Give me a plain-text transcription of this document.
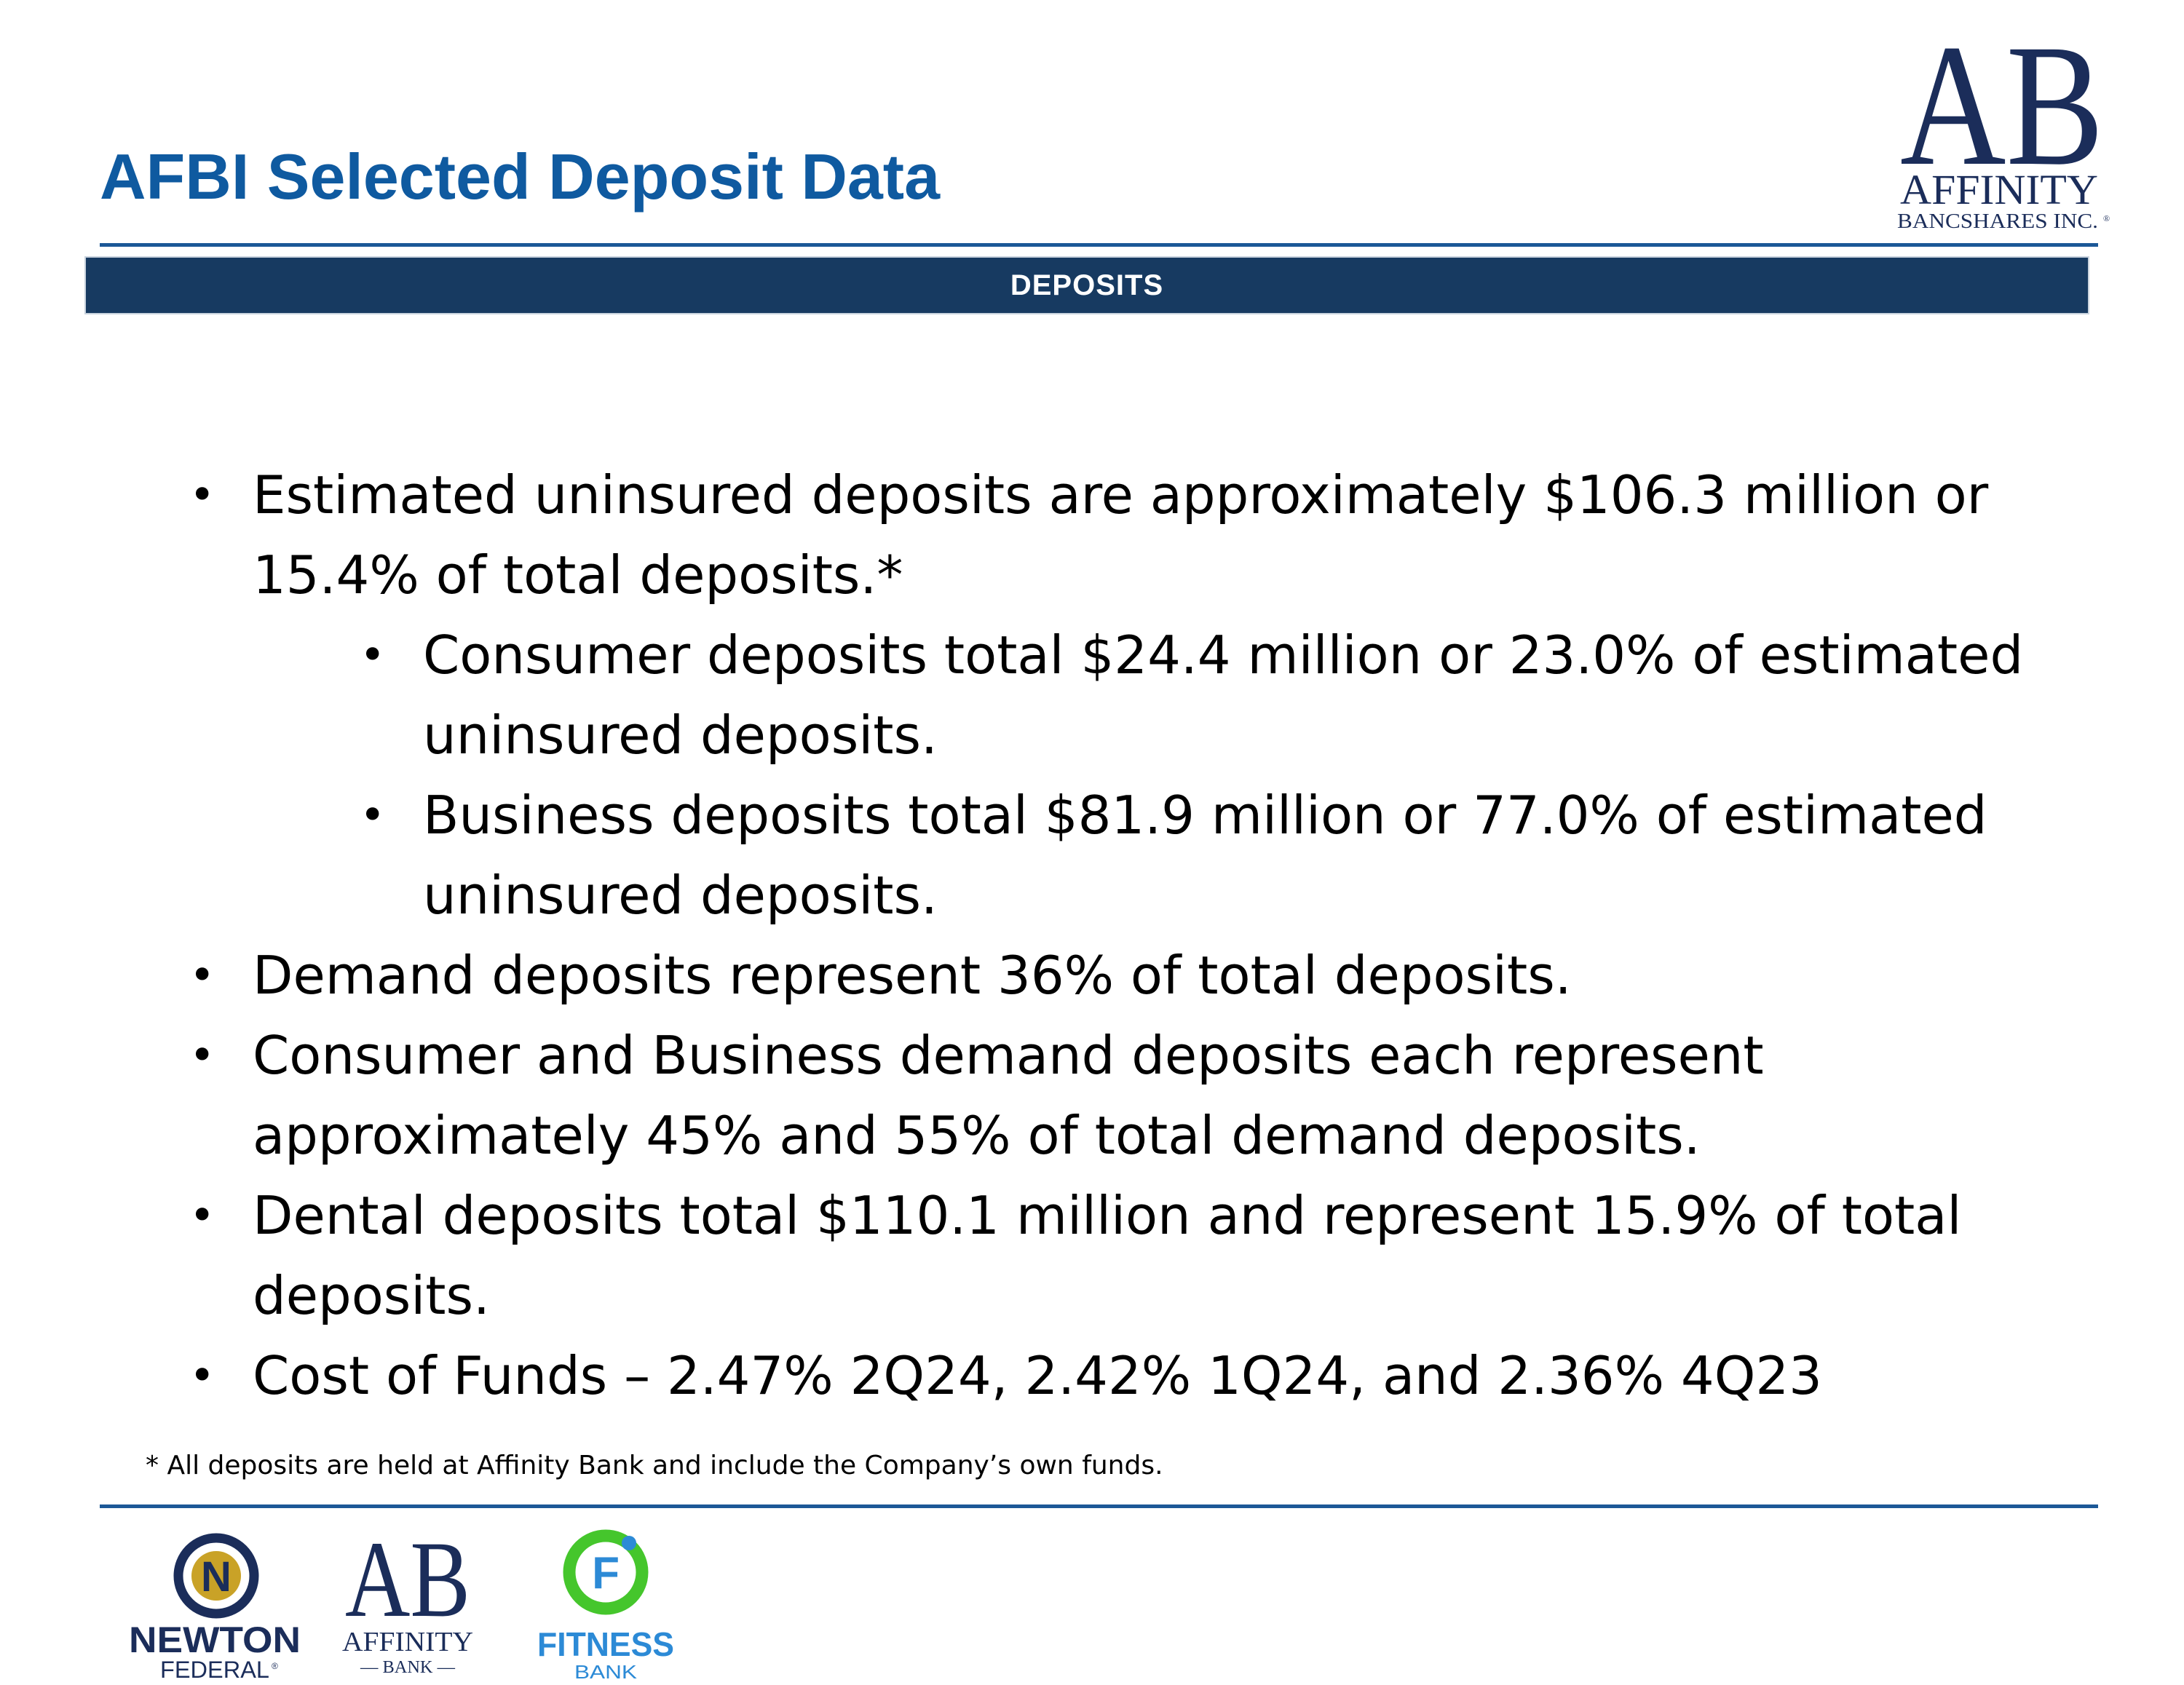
AFBI Selected Deposit Data	AB
AFFINITY
BANCSHARES INC. ®
DEPOSITS
• Estimated uninsured deposits are approximately $106.3 million or 15.4% of total deposits.*
• Consumer deposits total $24.4 million or 23.0% of estimated uninsured deposits.
• Business deposits total $81.9 million or 77.0% of estimated uninsured deposits.
• Demand deposits represent 36% of total deposits.
• Consumer and Business demand deposits each represent approximately 45% and 55% of total demand deposits.
• Dental deposits total $110.1 million and represent 15.9% of total deposits.
• Cost of Funds – 2.47% 2Q24, 2.42% 1Q24, and 2.36% 4Q23

* All deposits are held at Affinity Bank and include the Company’s own funds.

N
NEWTON
FEDERAL ®
AB
AFFINITY
— BANK —
F
FITNESS
BANK
